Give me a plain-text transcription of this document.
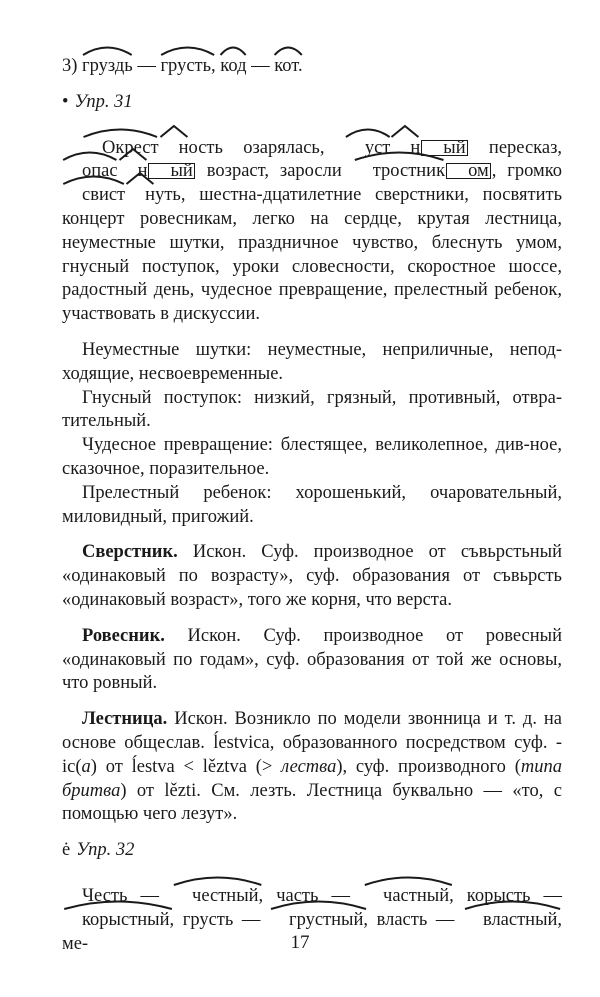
3) груздь — грусть, код — кот.

• Упр. 31

Окрест ность озарялась, уст н ый пересказ,
опас н ый возраст, заросли тростник ом , громко
свист нуть, шестна-дцатилетние сверстники, посвятить концерт ровесникам, легко на сердце, крутая лестница, неуместные шутки, праздничное чувство, блеснуть умом, гнусный поступок, уроки словесности, скоростное шоссе, радостный день, чудесное превращение, прелестный ребенок, участвовать в дискуссии.

Неуместные шутки: неуместные, неприличные, непод-ходящие, несвоевременные.

Гнусный поступок: низкий, грязный, противный, отвра-тительный.

Чудесное превращение: блестящее, великолепное, див-ное, сказочное, поразительное.

Прелестный ребенок: хорошенький, очаровательный, миловидный, пригожий.

Сверстник. Искон. Суф. производное от съвьрстьный «одинаковый по возрасту», суф. образования от съвьрсть «одинаковый возраст», того же корня, что верста.

Ровесник. Искон. Суф. производное от ровесный «одинаковый по годам», суф. образования от той же основы, что ровный.

Лестница. Искон. Возникло по модели звонница и т. д. на основе общеслав. ĺestvica, образованного посредством суф. -ic(a) от ĺestva < lěztva (> лества), суф. производного (типа бритва) от lězti. См. лезть. Лестница буквально — «то, с помощью чего лезут».

ė Упр. 32

Честь — честный, часть — частный, корысть —
корыстный, грусть — грустный, власть — властный, ме-	17
